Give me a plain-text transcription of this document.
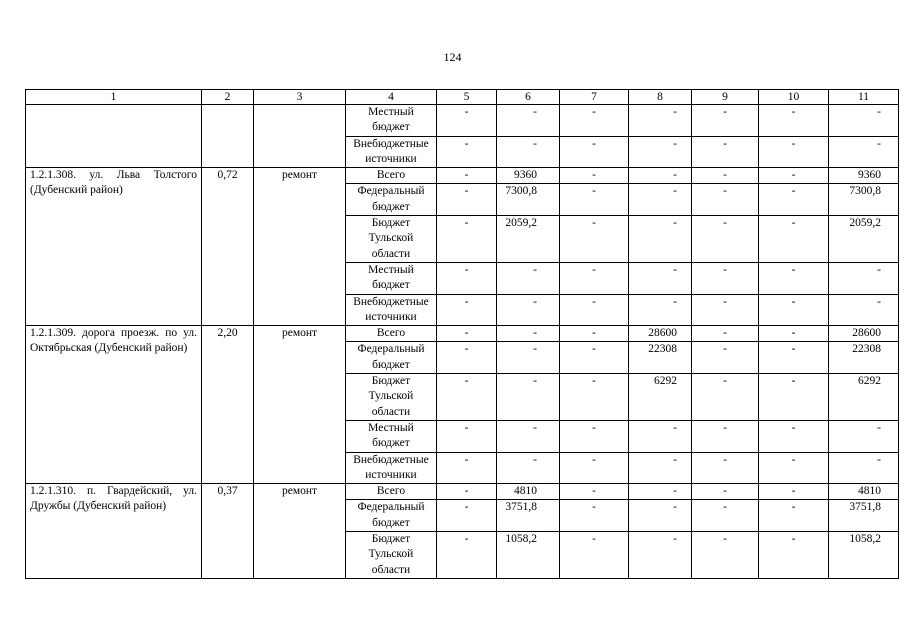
124
1	2	3	4	5	6	7	8	9	10	11
			Местный бюджет	-	-	-	-	-	-	-
			Внебюджетные источники	-	-	-	-	-	-	-
1.2.1.308. ул. Льва Толстого (Дубенский район)	0,72	ремонт	Всего	-	9360	-	-	-	-	9360
			Федеральный бюджет	-	7300,8	-	-	-	-	7300,8
			Бюджет Тульской области	-	2059,2	-	-	-	-	2059,2
			Местный бюджет	-	-	-	-	-	-	-
			Внебюджетные источники	-	-	-	-	-	-	-
1.2.1.309. дорога проезж. по ул. Октябрьская (Дубенский район)	2,20	ремонт	Всего	-	-	-	28600	-	-	28600
			Федеральный бюджет	-	-	-	22308	-	-	22308
			Бюджет Тульской области	-	-	-	6292	-	-	6292
			Местный бюджет	-	-	-	-	-	-	-
			Внебюджетные источники	-	-	-	-	-	-	-
1.2.1.310. п. Гвардейский, ул. Дружбы (Дубенский район)	0,37	ремонт	Всего	-	4810	-	-	-	-	4810
			Федеральный бюджет	-	3751,8	-	-	-	-	3751,8
			Бюджет Тульской области	-	1058,2	-	-	-	-	1058,2
